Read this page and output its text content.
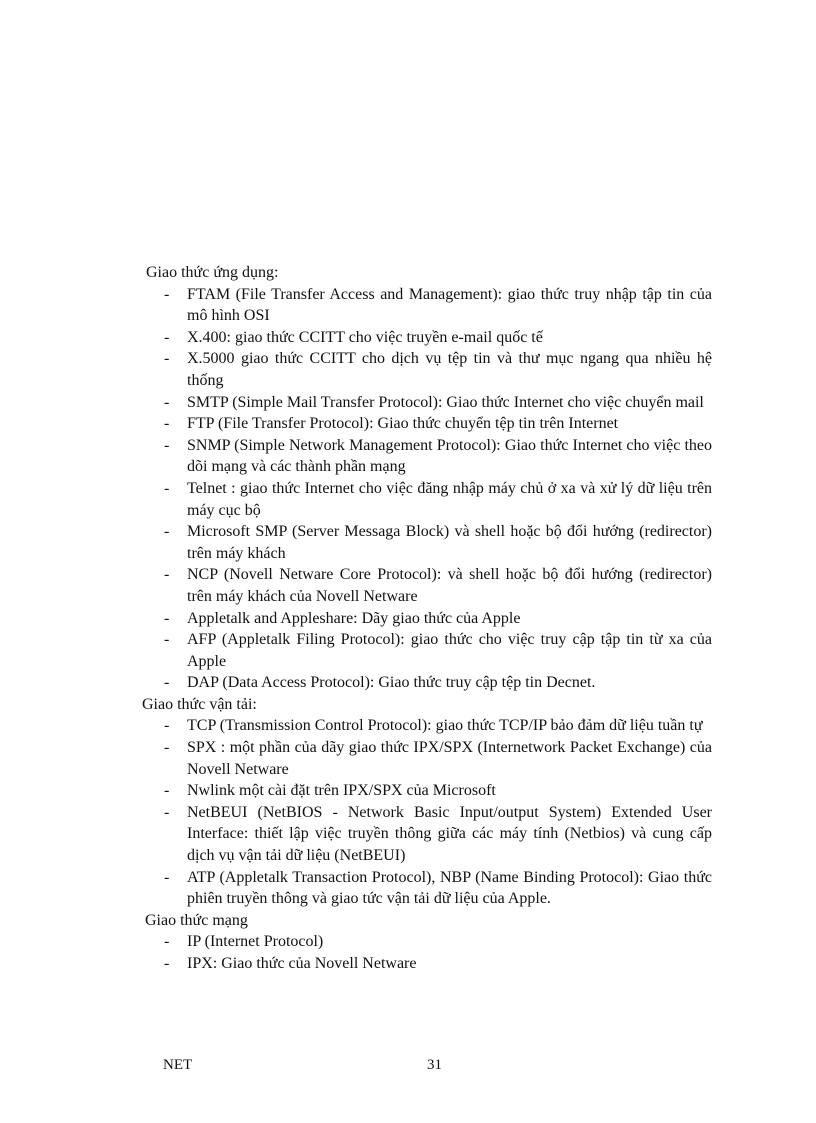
Giao thức ứng dụng:

- FTAM (File Transfer Access and Management): giao thức truy nhập tập tin của mô hình OSI
- X.400: giao thức CCITT cho việc truyền e-mail quốc tế
- X.5000 giao thức CCITT cho dịch vụ tệp tin và thư mục ngang qua nhiều hệ thống
- SMTP (Simple Mail Transfer Protocol): Giao thức Internet cho việc chuyển mail
- FTP (File Transfer Protocol): Giao thức chuyển tệp tin trên Internet
- SNMP (Simple Network Management Protocol): Giao thức Internet cho việc theo dõi mạng và các thành phần mạng
- Telnet : giao thức Internet cho việc đăng nhập máy chủ ở xa và xử lý dữ liệu trên máy cục bộ
- Microsoft SMP (Server Messaga Block) và shell hoặc bộ đổi hướng (redirector) trên máy khách
- NCP (Novell Netware Core Protocol): và shell hoặc bộ đổi hướng (redirector) trên máy khách của Novell Netware
- Appletalk and Appleshare: Dãy giao thức của Apple
- AFP (Appletalk Filing Protocol): giao thức cho việc truy cập tập tin từ xa của Apple
- DAP (Data Access Protocol): Giao thức truy cập tệp tin Decnet.

Giao thức vận tải:

- TCP (Transmission Control Protocol): giao thức TCP/IP bảo đảm dữ liệu tuần tự
- SPX : một phần của dãy giao thức IPX/SPX (Internetwork Packet Exchange) của Novell Netware
- Nwlink một cài đặt trên IPX/SPX của Microsoft
- NetBEUI (NetBIOS - Network Basic Input/output System) Extended User Interface: thiết lập việc truyền thông giữa các máy tính (Netbios) và cung cấp dịch vụ vận tải dữ liệu (NetBEUI)
- ATP (Appletalk Transaction Protocol), NBP (Name Binding Protocol): Giao thức phiên truyền thông và giao tức vận tải dữ liệu của Apple.

Giao thức mạng

- IP (Internet Protocol)
- IPX: Giao thức của Novell Netware
NET	31
